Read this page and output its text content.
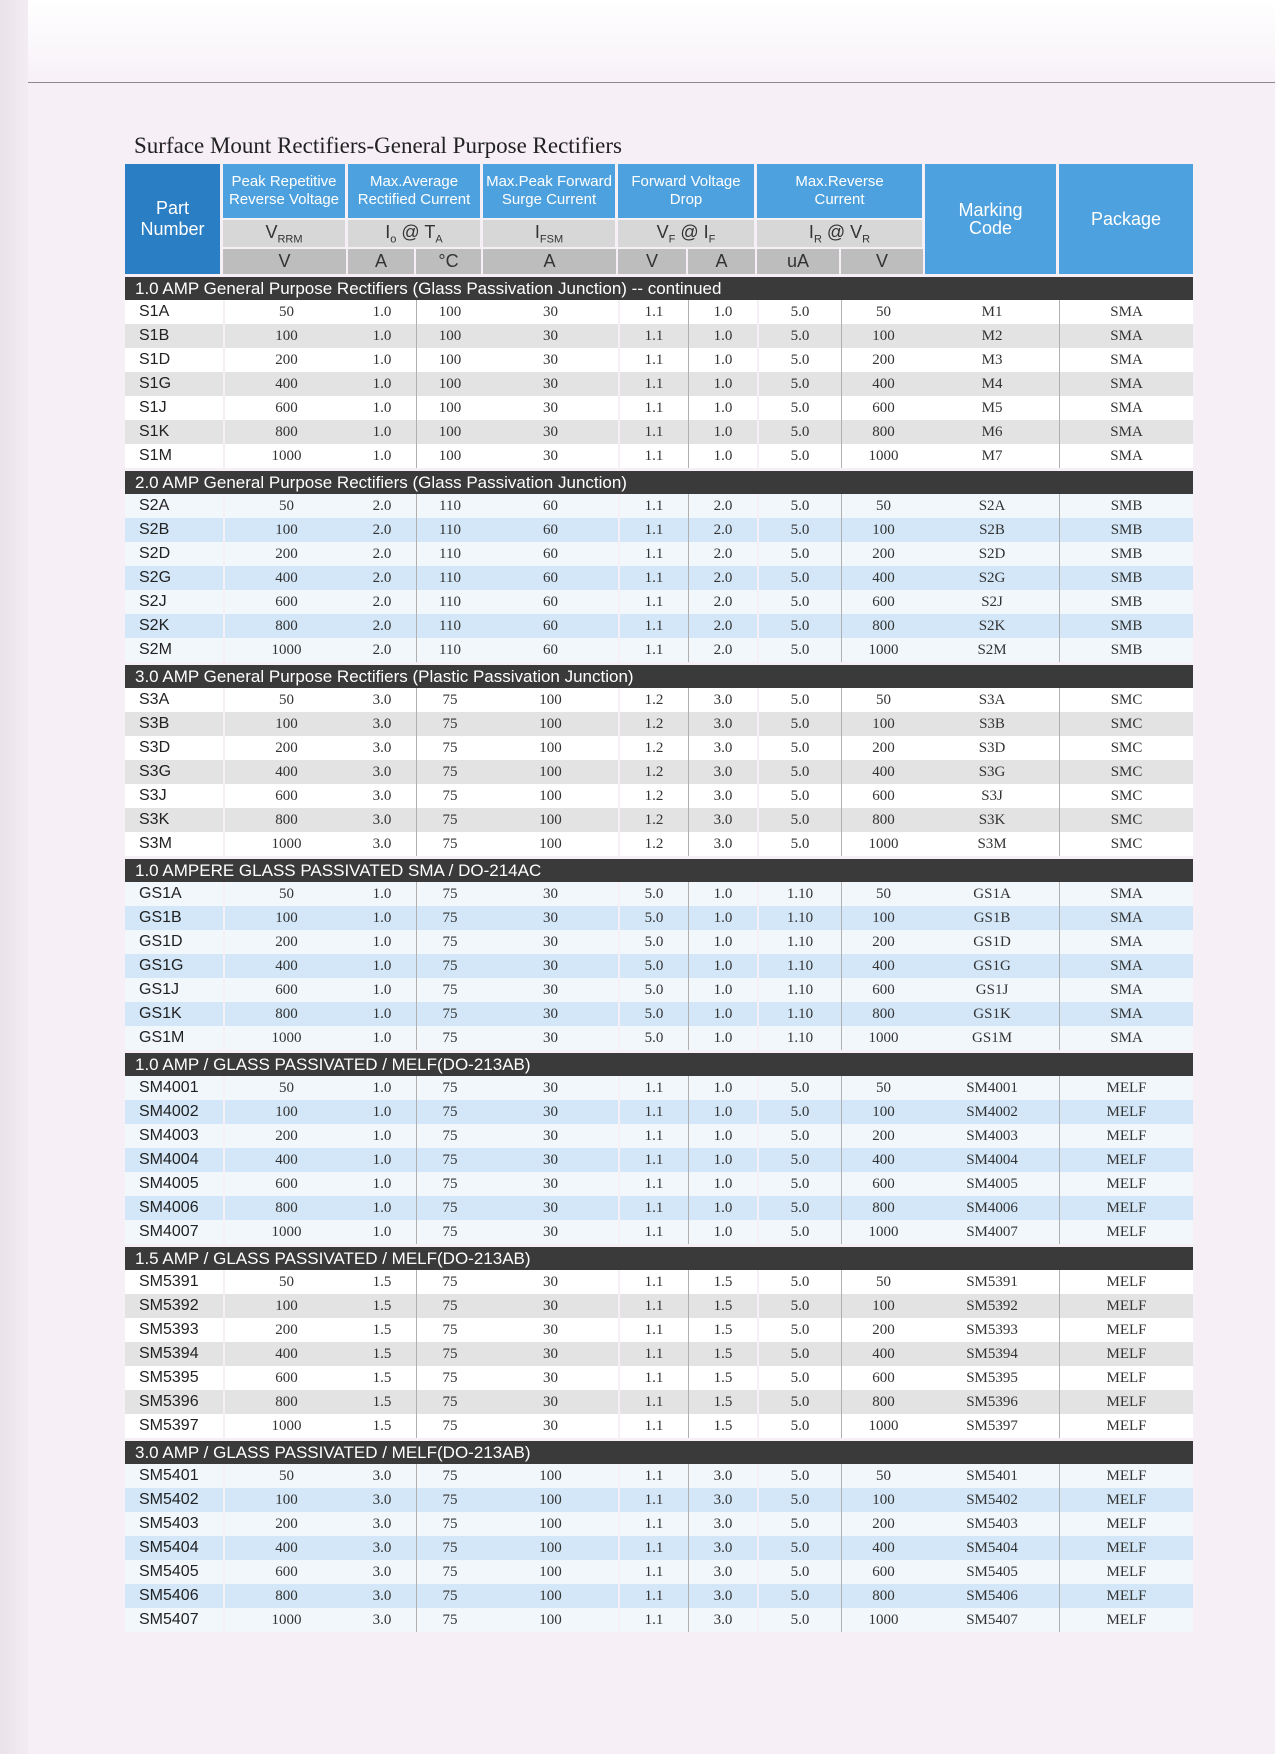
Surface Mount Rectifiers-General Purpose Rectifiers
Part Number	Peak Repetitive Reverse Voltage	Max.Average Rectified Current		Max.Peak Forward Surge Current	Forward Voltage Drop		Max.Reverse Current		Marking Code	Package
	$V_{RRM}$	$I_o$ @ $T_A$		$I_{FSM}$	$V_F$ @ $I_F$		$I_R$ @ $V_R$
	V	A	°C	A	V	A	uA	V		

1.0 AMP General Purpose Rectifiers (Glass Passivation Junction) -- continued										
S1A	50	1.0	100	30	1.1	1.0	5.0	50	M1	SMA
S1B	100	1.0	100	30	1.1	1.0	5.0	100	M2	SMA
S1D	200	1.0	100	30	1.1	1.0	5.0	200	M3	SMA
S1G	400	1.0	100	30	1.1	1.0	5.0	400	M4	SMA
S1J	600	1.0	100	30	1.1	1.0	5.0	600	M5	SMA
S1K	800	1.0	100	30	1.1	1.0	5.0	800	M6	SMA
S1M	1000	1.0	100	30	1.1	1.0	5.0	1000	M7	SMA

2.0 AMP General Purpose Rectifiers (Glass Passivation Junction)										
S2A	50	2.0	110	60	1.1	2.0	5.0	50	S2A	SMB
S2B	100	2.0	110	60	1.1	2.0	5.0	100	S2B	SMB
S2D	200	2.0	110	60	1.1	2.0	5.0	200	S2D	SMB
S2G	400	2.0	110	60	1.1	2.0	5.0	400	S2G	SMB
S2J	600	2.0	110	60	1.1	2.0	5.0	600	S2J	SMB
S2K	800	2.0	110	60	1.1	2.0	5.0	800	S2K	SMB
S2M	1000	2.0	110	60	1.1	2.0	5.0	1000	S2M	SMB

3.0 AMP General Purpose Rectifiers (Plastic Passivation Junction)										
S3A	50	3.0	75	100	1.2	3.0	5.0	50	S3A	SMC
S3B	100	3.0	75	100	1.2	3.0	5.0	100	S3B	SMC
S3D	200	3.0	75	100	1.2	3.0	5.0	200	S3D	SMC
S3G	400	3.0	75	100	1.2	3.0	5.0	400	S3G	SMC
S3J	600	3.0	75	100	1.2	3.0	5.0	600	S3J	SMC
S3K	800	3.0	75	100	1.2	3.0	5.0	800	S3K	SMC
S3M	1000	3.0	75	100	1.2	3.0	5.0	1000	S3M	SMC

1.0 AMPERE GLASS PASSIVATED SMA / DO-214AC										
GS1A	50	1.0	75	30	5.0	1.0	1.10	50	GS1A	SMA
GS1B	100	1.0	75	30	5.0	1.0	1.10	100	GS1B	SMA
GS1D	200	1.0	75	30	5.0	1.0	1.10	200	GS1D	SMA
GS1G	400	1.0	75	30	5.0	1.0	1.10	400	GS1G	SMA
GS1J	600	1.0	75	30	5.0	1.0	1.10	600	GS1J	SMA
GS1K	800	1.0	75	30	5.0	1.0	1.10	800	GS1K	SMA
GS1M	1000	1.0	75	30	5.0	1.0	1.10	1000	GS1M	SMA

1.0 AMP / GLASS PASSIVATED / MELF(DO-213AB)										
SM4001	50	1.0	75	30	1.1	1.0	5.0	50	SM4001	MELF
SM4002	100	1.0	75	30	1.1	1.0	5.0	100	SM4002	MELF
SM4003	200	1.0	75	30	1.1	1.0	5.0	200	SM4003	MELF
SM4004	400	1.0	75	30	1.1	1.0	5.0	400	SM4004	MELF
SM4005	600	1.0	75	30	1.1	1.0	5.0	600	SM4005	MELF
SM4006	800	1.0	75	30	1.1	1.0	5.0	800	SM4006	MELF
SM4007	1000	1.0	75	30	1.1	1.0	5.0	1000	SM4007	MELF

1.5 AMP / GLASS PASSIVATED / MELF(DO-213AB)										
SM5391	50	1.5	75	30	1.1	1.5	5.0	50	SM5391	MELF
SM5392	100	1.5	75	30	1.1	1.5	5.0	100	SM5392	MELF
SM5393	200	1.5	75	30	1.1	1.5	5.0	200	SM5393	MELF
SM5394	400	1.5	75	30	1.1	1.5	5.0	400	SM5394	MELF
SM5395	600	1.5	75	30	1.1	1.5	5.0	600	SM5395	MELF
SM5396	800	1.5	75	30	1.1	1.5	5.0	800	SM5396	MELF
SM5397	1000	1.5	75	30	1.1	1.5	5.0	1000	SM5397	MELF

3.0 AMP / GLASS PASSIVATED / MELF(DO-213AB)										
SM5401	50	3.0	75	100	1.1	3.0	5.0	50	SM5401	MELF
SM5402	100	3.0	75	100	1.1	3.0	5.0	100	SM5402	MELF
SM5403	200	3.0	75	100	1.1	3.0	5.0	200	SM5403	MELF
SM5404	400	3.0	75	100	1.1	3.0	5.0	400	SM5404	MELF
SM5405	600	3.0	75	100	1.1	3.0	5.0	600	SM5405	MELF
SM5406	800	3.0	75	100	1.1	3.0	5.0	800	SM5406	MELF
SM5407	1000	3.0	75	100	1.1	3.0	5.0	1000	SM5407	MELF
